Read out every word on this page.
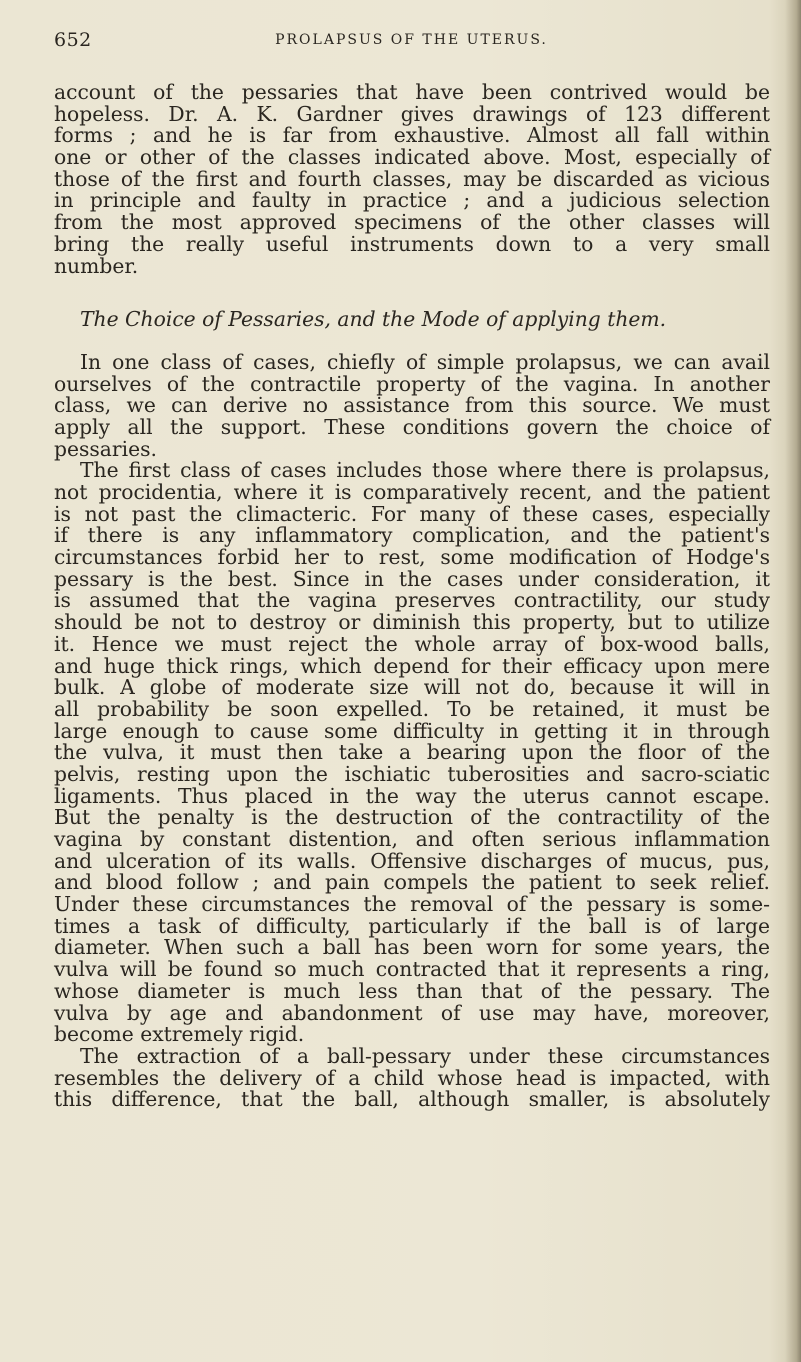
652	PROLAPSUS OF THE UTERUS.
account of the pessaries that have been contrived would be
hopeless. Dr. A. K. Gardner gives drawings of 123 different
forms ; and he is far from exhaustive. Almost all fall within
one or other of the classes indicated above. Most, especially of
those of the first and fourth classes, may be discarded as vicious
in principle and faulty in practice ; and a judicious selection
from the most approved specimens of the other classes will
bring the really useful instruments down to a very small
number.
The Choice of Pessaries, and the Mode of applying them.
In one class of cases, chiefly of simple prolapsus, we can avail
ourselves of the contractile property of the vagina. In another
class, we can derive no assistance from this source. We must
apply all the support. These conditions govern the choice of
pessaries.
The first class of cases includes those where there is prolapsus,
not procidentia, where it is comparatively recent, and the patient
is not past the climacteric. For many of these cases, especially
if there is any inflammatory complication, and the patient's
circumstances forbid her to rest, some modification of Hodge's
pessary is the best. Since in the cases under consideration, it
is assumed that the vagina preserves contractility, our study
should be not to destroy or diminish this property, but to utilize
it. Hence we must reject the whole array of box-wood balls,
and huge thick rings, which depend for their efficacy upon mere
bulk. A globe of moderate size will not do, because it will in
all probability be soon expelled. To be retained, it must be
large enough to cause some difficulty in getting it in through
the vulva, it must then take a bearing upon the floor of the
pelvis, resting upon the ischiatic tuberosities and sacro-sciatic
ligaments. Thus placed in the way the uterus cannot escape.
But the penalty is the destruction of the contractility of the
vagina by constant distention, and often serious inflammation
and ulceration of its walls. Offensive discharges of mucus, pus,
and blood follow ; and pain compels the patient to seek relief.
Under these circumstances the removal of the pessary is some-
times a task of difficulty, particularly if the ball is of large
diameter. When such a ball has been worn for some years, the
vulva will be found so much contracted that it represents a ring,
whose diameter is much less than that of the pessary. The
vulva by age and abandonment of use may have, moreover,
become extremely rigid.
The extraction of a ball-pessary under these circumstances
resembles the delivery of a child whose head is impacted, with
this difference, that the ball, although smaller, is absolutely
